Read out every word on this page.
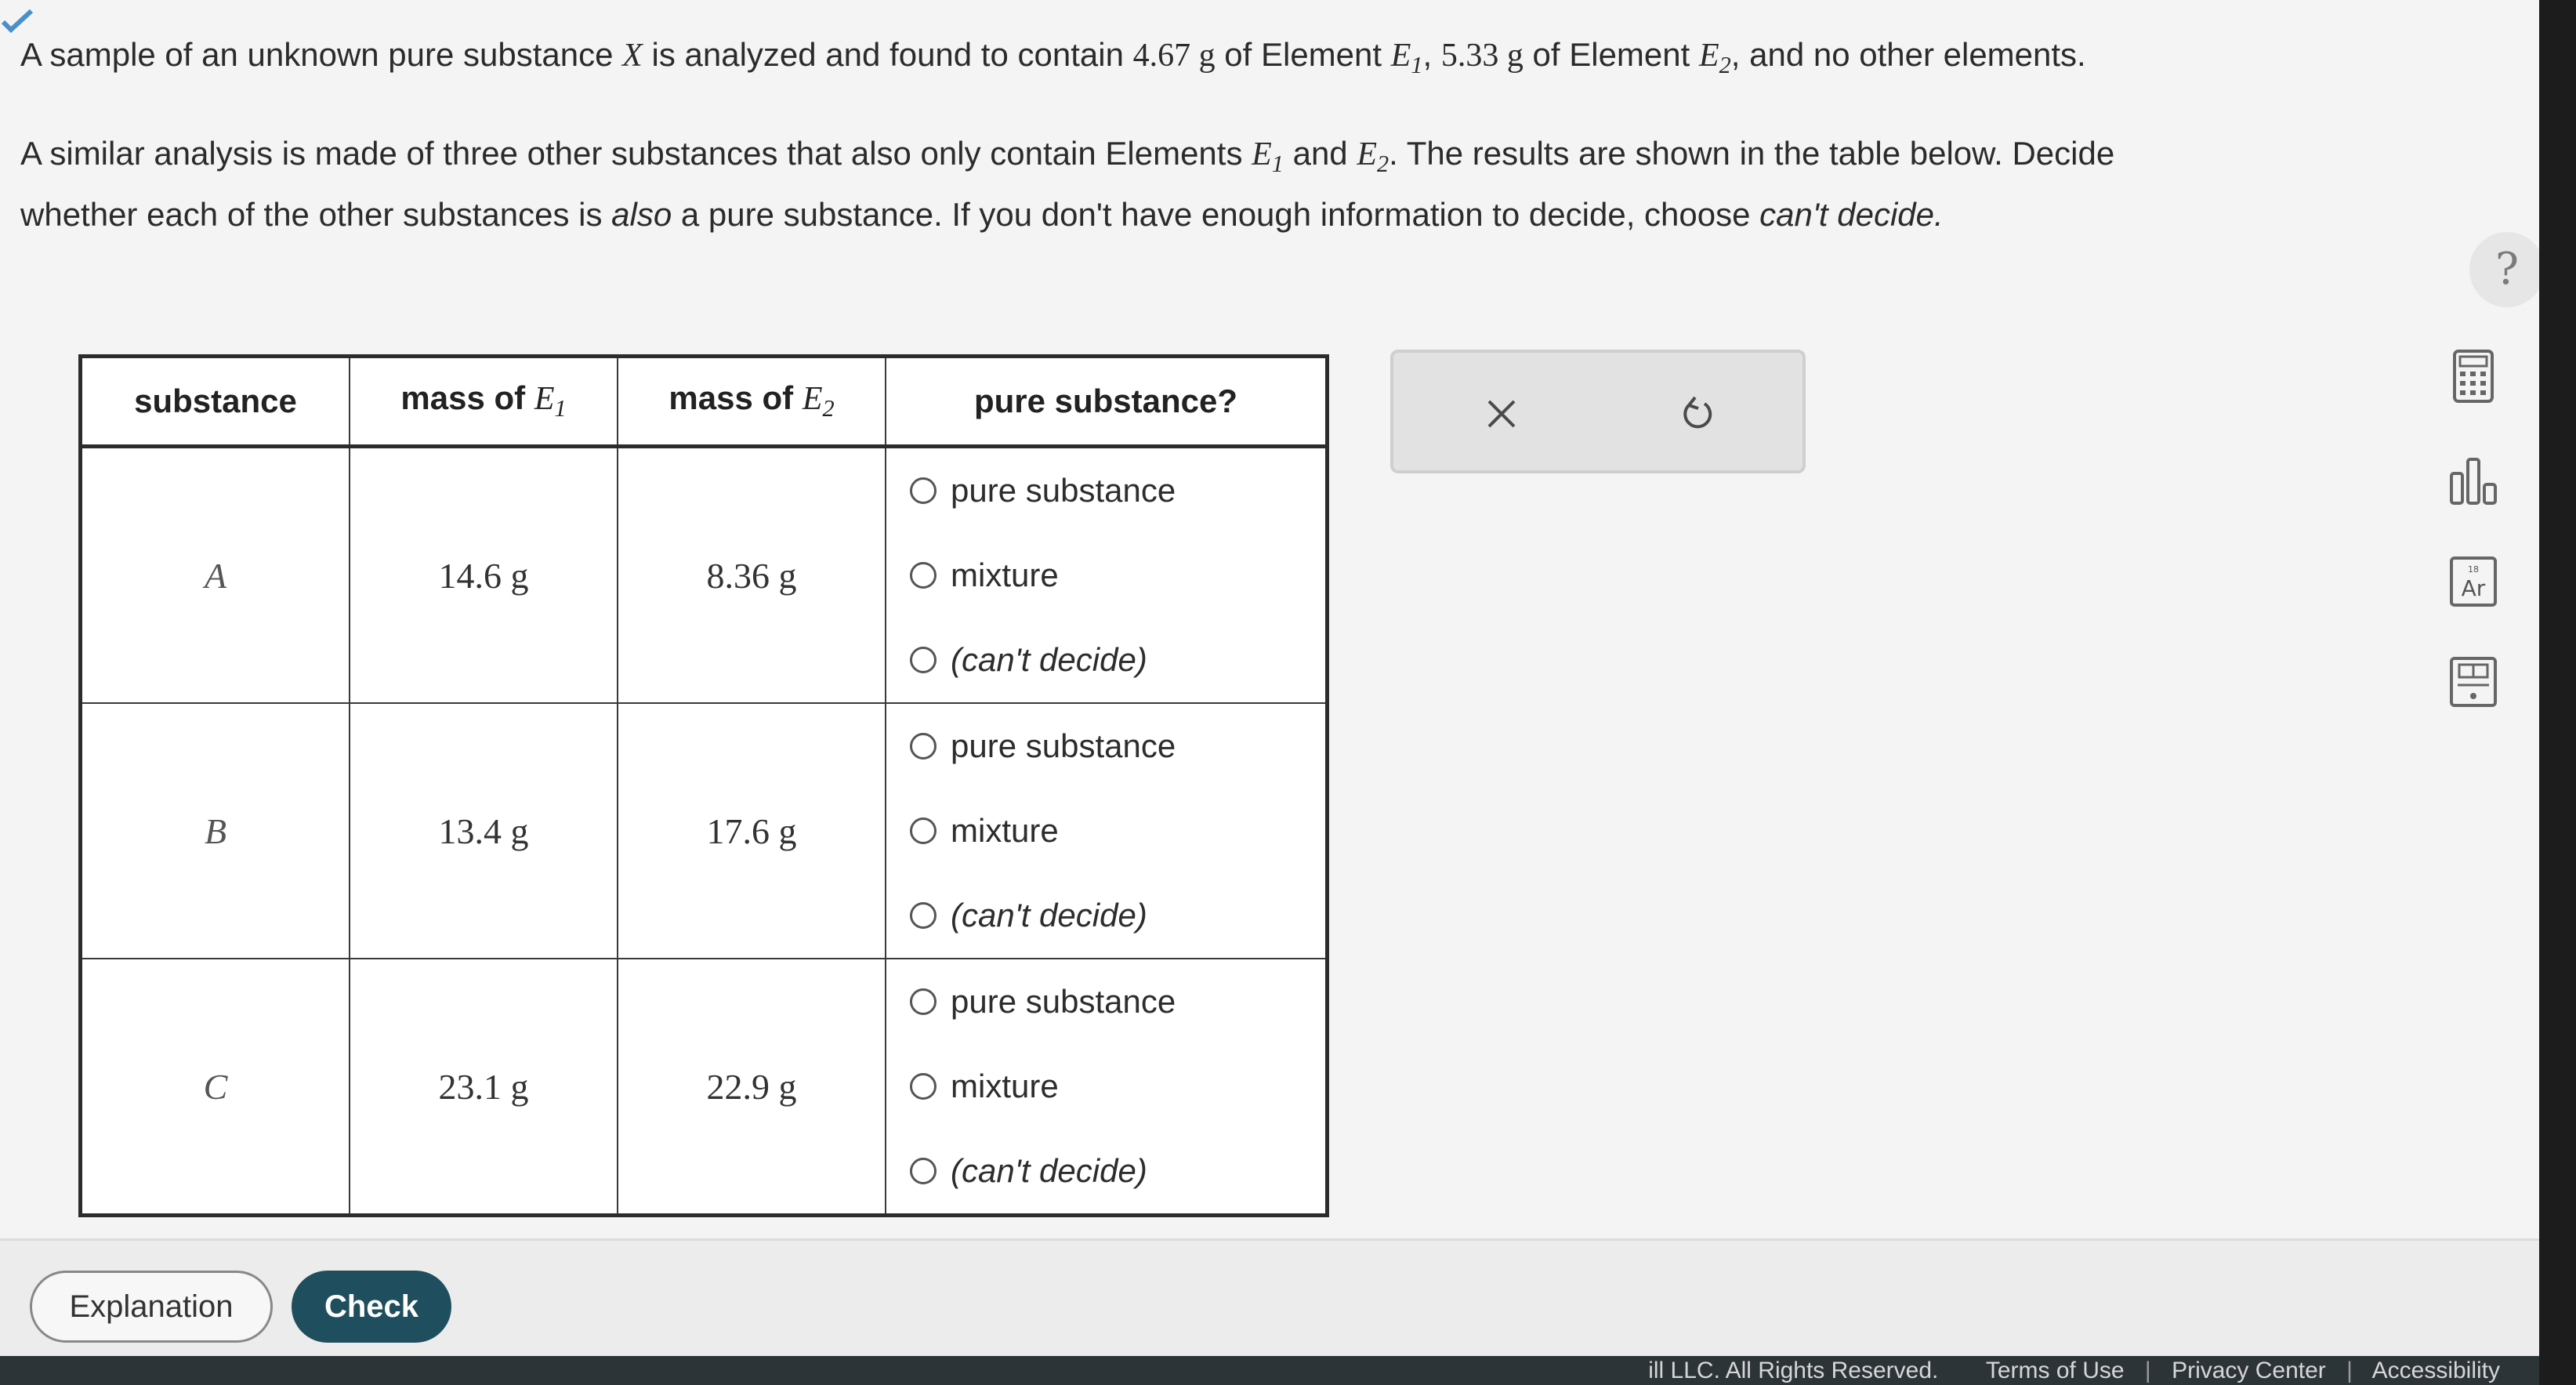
A sample of an unknown pure substance X is analyzed and found to contain 4.67 g of Element $E_1$, 5.33 g of Element $E_2$, and no other elements.
A similar analysis is made of three other substances that also only contain Elements $E_1$ and $E_2$. The results are shown in the table below. Decide
whether each of the other substances is also a pure substance. If you don't have enough information to decide, choose can't decide.
?
Ar
18
substance	mass of $E_1$	mass of $E_2$	pure substance?
A	14.6 g	8.36 g	pure substance
mixture
(can't decide)

B	13.4 g	17.6 g	pure substance
mixture
(can't decide)

C	23.1 g	22.9 g	pure substance
mixture
(can't decide)
Explanation	Check
ill LLC. All Rights Reserved. Terms of Use | Privacy Center | Accessibility
